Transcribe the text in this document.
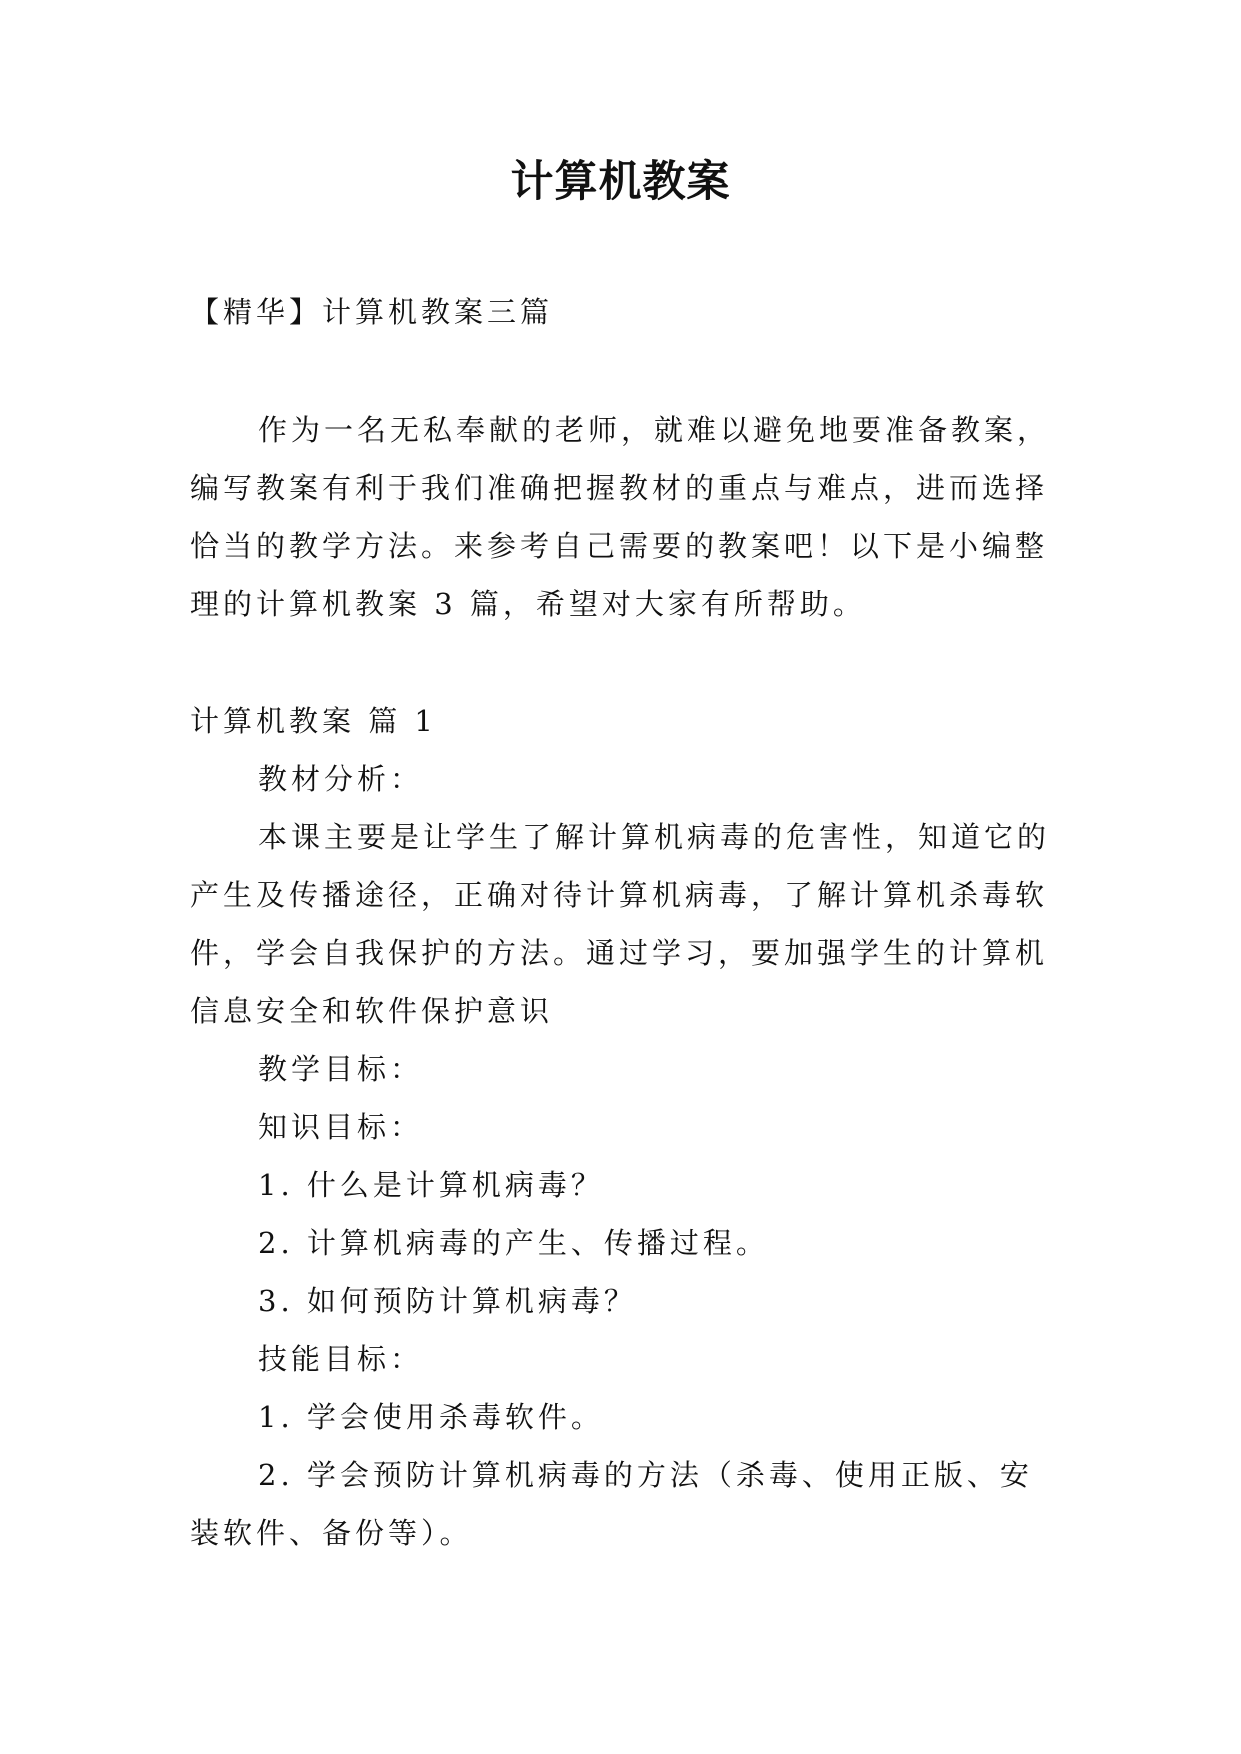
计算机教案
【精华】计算机教案三篇
作为一名无私奉献的老师，就难以避免地要准备教案，
编写教案有利于我们准确把握教材的重点与难点，进而选择
恰当的教学方法。来参考自己需要的教案吧！以下是小编整
理的计算机教案 3 篇，希望对大家有所帮助。
计算机教案 篇 1
教材分析：
本课主要是让学生了解计算机病毒的危害性，知道它的
产生及传播途径，正确对待计算机病毒，了解计算机杀毒软
件，学会自我保护的方法。通过学习，要加强学生的计算机
信息安全和软件保护意识
教学目标：
知识目标：
1. 什么是计算机病毒？
2. 计算机病毒的产生、传播过程。
3. 如何预防计算机病毒？
技能目标：
1. 学会使用杀毒软件。
2. 学会预防计算机病毒的方法（杀毒、使用正版、安
装软件、备份等）。
